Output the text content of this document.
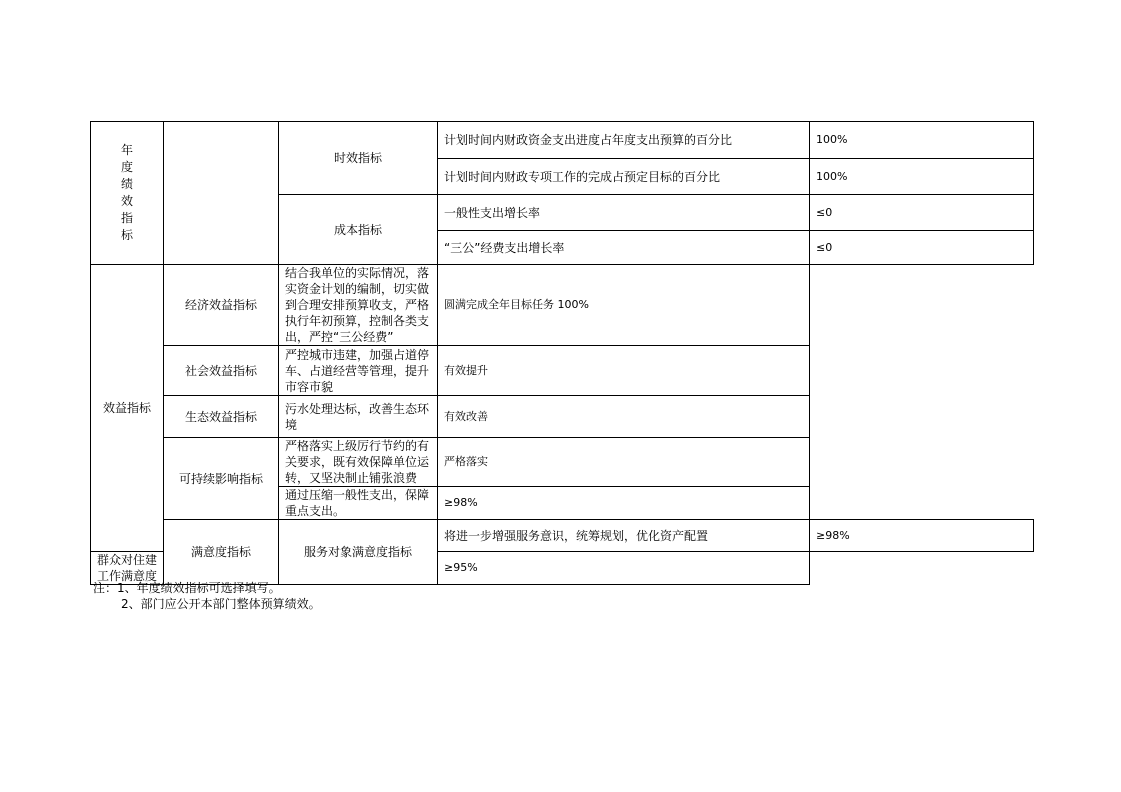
年度绩效指标		时效指标	计划时间内财政资金支出进度占年度支出预算的百分比	100%
			计划时间内财政专项工作的完成占预定目标的百分比	100%
		成本指标	一般性支出增长率	≤0
			“三公”经费支出增长率	≤0
效益指标	经济效益指标	结合我单位的实际情况，落实资金计划的编制，切实做到合理安排预算收支，严格执行年初预算，控制各类支出，严控“三公经费”	圆满完成全年目标任务 100%	
	社会效益指标	严控城市违建，加强占道停车、占道经营等管理，提升市容市貌	有效提升	
	生态效益指标	污水处理达标，改善生态环境	有效改善	
	可持续影响指标	严格落实上级厉行节约的有关要求，既有效保障单位运转，又坚决制止铺张浪费	严格落实	
		通过压缩一般性支出，保障重点支出。	≥98%	
	满意度指标	服务对象满意度指标	将进一步增强服务意识，统筹规划，优化资产配置	≥98%
群众对住建工作满意度			≥95%	
注：1、年度绩效指标可选择填写。
2、部门应公开本部门整体预算绩效。
